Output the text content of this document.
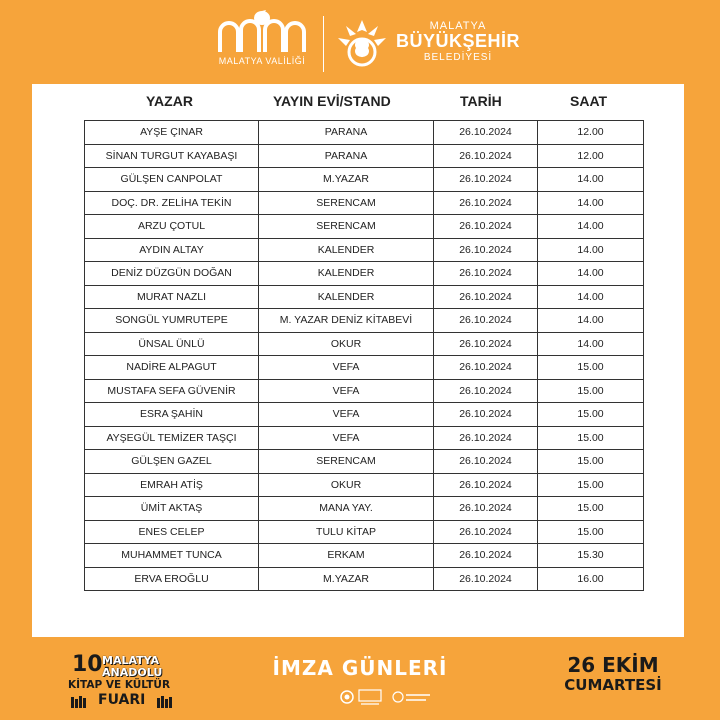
MALATYA VALİLİĞİ
MALATYA
BÜYÜKŞEHİR
BELEDİYESİ
YAZAR	YAYIN EVİ/STAND	TARİH	SAAT
AYŞE ÇINAR	PARANA	26.10.2024	12.00
SİNAN TURGUT KAYABAŞI	PARANA	26.10.2024	12.00
GÜLŞEN CANPOLAT	M.YAZAR	26.10.2024	14.00
DOÇ. DR. ZELİHA TEKİN	SERENCAM	26.10.2024	14.00
ARZU ÇOTUL	SERENCAM	26.10.2024	14.00
AYDIN ALTAY	KALENDER	26.10.2024	14.00
DENİZ DÜZGÜN DOĞAN	KALENDER	26.10.2024	14.00
MURAT NAZLI	KALENDER	26.10.2024	14.00
SONGÜL YUMRUTEPE	M. YAZAR DENİZ KİTABEVİ	26.10.2024	14.00
ÜNSAL ÜNLÜ	OKUR	26.10.2024	14.00
NADİRE ALPAGUT	VEFA	26.10.2024	15.00
MUSTAFA SEFA GÜVENİR	VEFA	26.10.2024	15.00
ESRA ŞAHİN	VEFA	26.10.2024	15.00
AYŞEGÜL TEMİZER TAŞÇI	VEFA	26.10.2024	15.00
GÜLŞEN GAZEL	SERENCAM	26.10.2024	15.00
EMRAH ATİŞ	OKUR	26.10.2024	15.00
ÜMİT AKTAŞ	MANA YAY.	26.10.2024	15.00
ENES CELEP	TULU KİTAP	26.10.2024	15.00
MUHAMMET TUNCA	ERKAM	26.10.2024	15.30
ERVA EROĞLU	M.YAZAR	26.10.2024	16.00
10.
MALATYA
ANADOLU
KİTAP VE KÜLTÜR
FUARI
İMZA GÜNLERİ	26 EKİM
CUMARTESİ
